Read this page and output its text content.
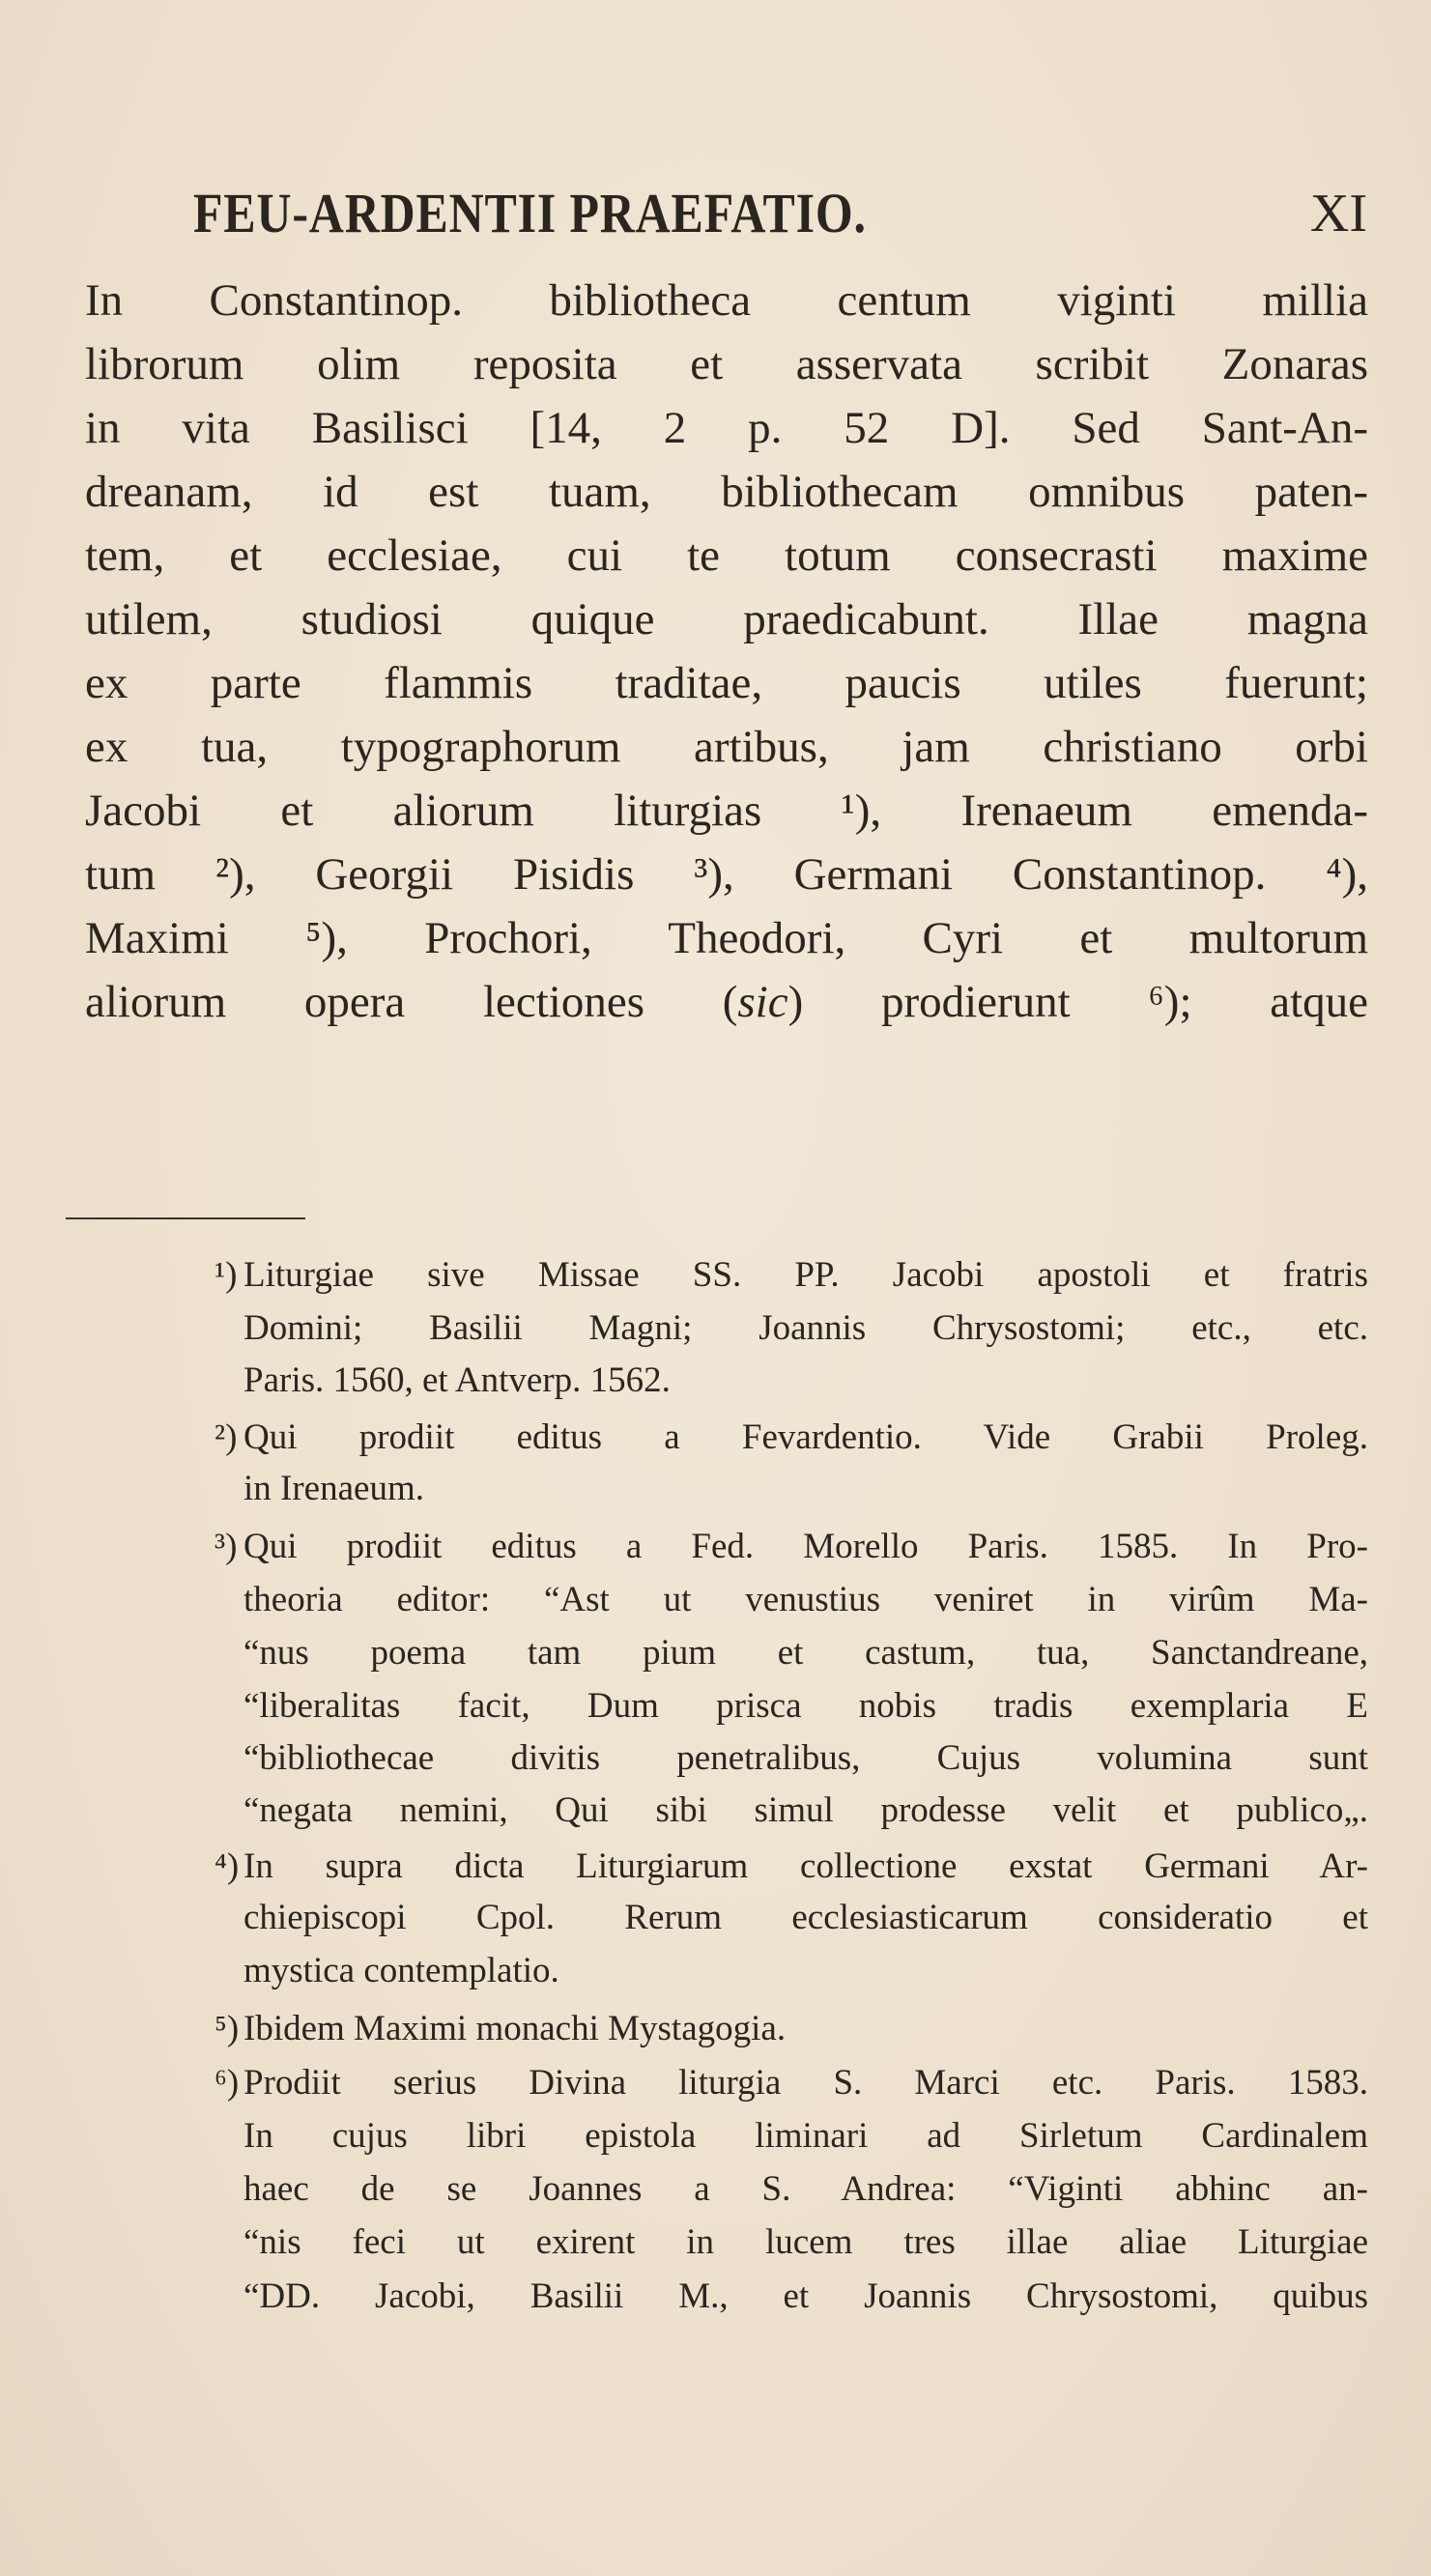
FEU-ARDENTII PRAEFATIO.	XI
In Constantinop. bibliotheca centum viginti millia
librorum olim reposita et asservata scribit Zonaras
in vita Basilisci [14, 2 p. 52 D]. Sed Sant-An-
dreanam, id est tuam, bibliothecam omnibus paten-
tem, et ecclesiae, cui te totum consecrasti maxime
utilem, studiosi quique praedicabunt. Illae magna
ex parte flammis traditae, paucis utiles fuerunt;
ex tua, typographorum artibus, jam christiano orbi
Jacobi et aliorum liturgias ¹), Irenaeum emenda-
tum ²), Georgii Pisidis ³), Germani Constantinop. ⁴),
Maximi ⁵), Prochori, Theodori, Cyri et multorum
aliorum opera lectiones (sic) prodierunt ⁶); atque
¹) Liturgiae sive Missae SS. PP. Jacobi apostoli et fratris
Domini; Basilii Magni; Joannis Chrysostomi; etc., etc.
Paris. 1560, et Antverp. 1562.
²) Qui prodiit editus a Fevardentio. Vide Grabii Proleg.
in Irenaeum.
³) Qui prodiit editus a Fed. Morello Paris. 1585. In Pro-
theoria editor: “Ast ut venustius veniret in virûm Ma-
“nus poema tam pium et castum, tua, Sanctandreane,
“liberalitas facit, Dum prisca nobis tradis exemplaria E
“bibliothecae divitis penetralibus, Cujus volumina sunt
“negata nemini, Qui sibi simul prodesse velit et publico„.
⁴) In supra dicta Liturgiarum collectione exstat Germani Ar-
chiepiscopi Cpol. Rerum ecclesiasticarum consideratio et
mystica contemplatio.
⁵) Ibidem Maximi monachi Mystagogia.
⁶) Prodiit serius Divina liturgia S. Marci etc. Paris. 1583.
In cujus libri epistola liminari ad Sirletum Cardinalem
haec de se Joannes a S. Andrea: “Viginti abhinc an-
“nis feci ut exirent in lucem tres illae aliae Liturgiae
“DD. Jacobi, Basilii M., et Joannis Chrysostomi, quibus
